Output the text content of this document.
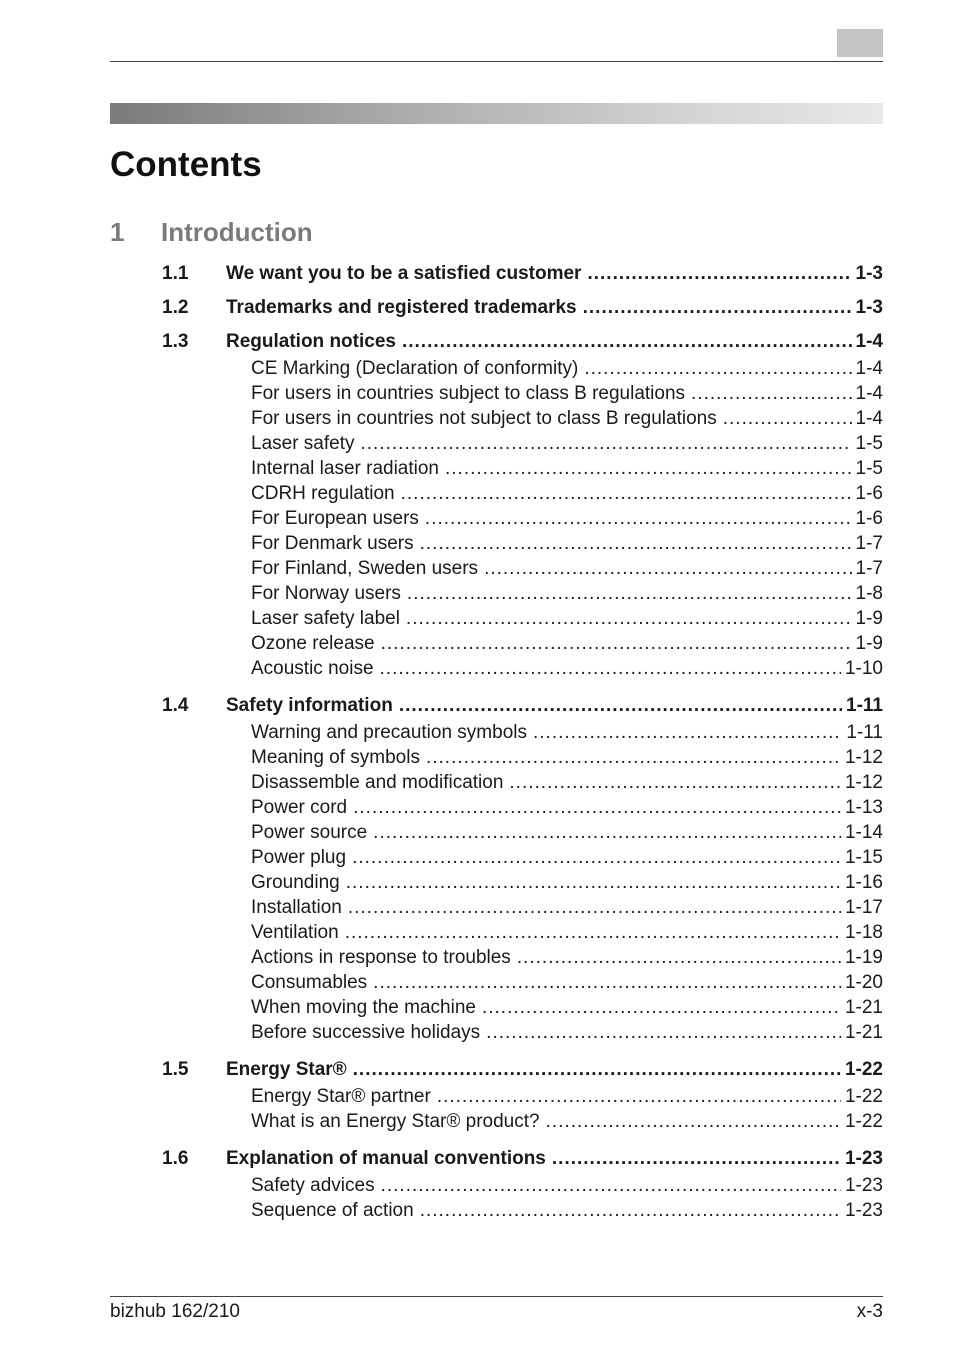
Contents
1 Introduction
1.1	We want you to be a satisfied customer .....	1-3
1.2	Trademarks and registered trademarks .....	1-3
1.3	Regulation notices .....	1-4
CE Marking (Declaration of conformity) .....	1-4
For users in countries subject to class B regulations .....	1-4
For users in countries not subject to class B regulations .....	1-4
Laser safety .....	1-5
Internal laser radiation .....	1-5
CDRH regulation .....	1-6
For European users .....	1-6
For Denmark users .....	1-7
For Finland, Sweden users .....	1-7
For Norway users .....	1-8
Laser safety label .....	1-9
Ozone release .....	1-9
Acoustic noise .....	1-10
1.4	Safety information .....	1-11
Warning and precaution symbols .....	1-11
Meaning of symbols .....	1-12
Disassemble and modification .....	1-12
Power cord .....	1-13
Power source .....	1-14
Power plug .....	1-15
Grounding .....	1-16
Installation .....	1-17
Ventilation .....	1-18
Actions in response to troubles .....	1-19
Consumables .....	1-20
When moving the machine .....	1-21
Before successive holidays .....	1-21
1.5	Energy Star® .....	1-22
Energy Star® partner .....	1-22
What is an Energy Star® product? .....	1-22
1.6	Explanation of manual conventions .....	1-23
Safety advices .....	1-23
Sequence of action .....	1-23
bizhub 162/210	x-3
